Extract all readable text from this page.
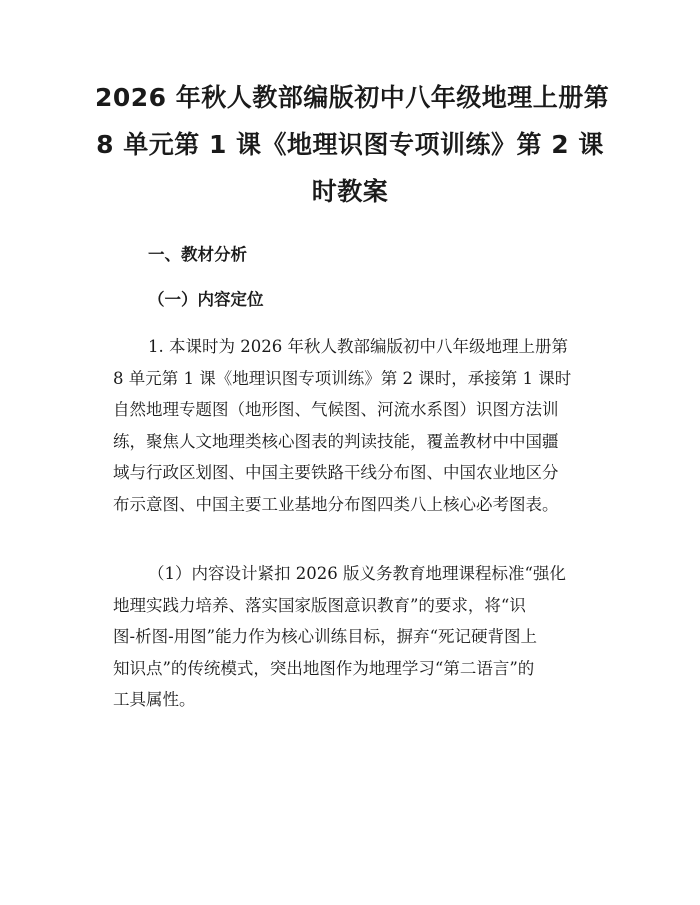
2026 年秋人教部编版初中八年级地理上册第
8 单元第 1 课《地理识图专项训练》第 2 课
时教案
一、教材分析
（一）内容定位

1. 本课时为 2026 年秋人教部编版初中八年级地理上册第
8 单元第 1 课《地理识图专项训练》第 2 课时，承接第 1 课时
自然地理专题图（地形图、气候图、河流水系图）识图方法训
练，聚焦人文地理类核心图表的判读技能，覆盖教材中中国疆
域与行政区划图、中国主要铁路干线分布图、中国农业地区分
布示意图、中国主要工业基地分布图四类八上核心必考图表。

（1）内容设计紧扣 2026 版义务教育地理课程标准“强化
地理实践力培养、落实国家版图意识教育”的要求，将“识
图-析图-用图”能力作为核心训练目标，摒弃“死记硬背图上
知识点”的传统模式，突出地图作为地理学习“第二语言”的
工具属性。
